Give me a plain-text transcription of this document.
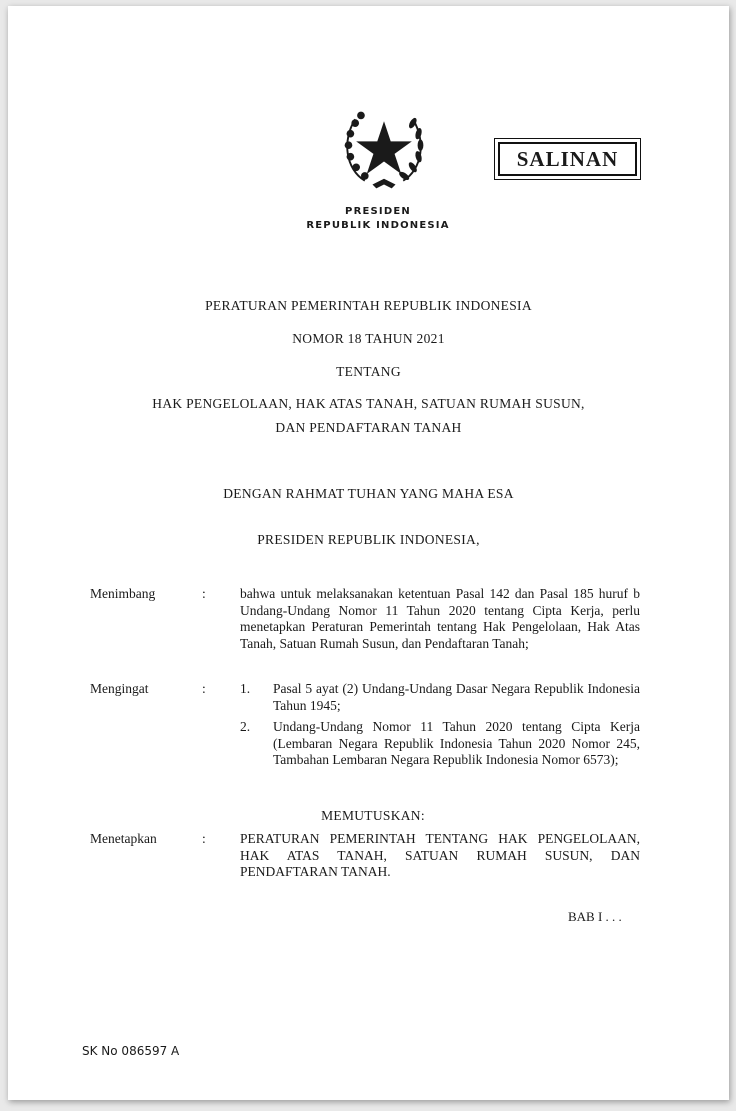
SALINAN
PRESIDEN
REPUBLIK INDONESIA
PERATURAN PEMERINTAH REPUBLIK INDONESIA
NOMOR 18 TAHUN 2021
TENTANG
HAK PENGELOLAAN, HAK ATAS TANAH, SATUAN RUMAH SUSUN,
DAN PENDAFTARAN TANAH
DENGAN RAHMAT TUHAN YANG MAHA ESA
PRESIDEN REPUBLIK INDONESIA,
Menimbang	:	bahwa untuk melaksanakan ketentuan Pasal 142 dan Pasal 185 huruf b Undang-Undang Nomor 11 Tahun 2020 tentang Cipta Kerja, perlu menetapkan Peraturan Pemerintah tentang Hak Pengelolaan, Hak Atas Tanah, Satuan Rumah Susun, dan Pendaftaran Tanah;
Mengingat	:	1. Pasal 5 ayat (2) Undang-Undang Dasar Negara Republik Indonesia Tahun 1945;
2. Undang-Undang Nomor 11 Tahun 2020 tentang Cipta Kerja (Lembaran Negara Republik Indonesia Tahun 2020 Nomor 245, Tambahan Lembaran Negara Republik Indonesia Nomor 6573);
MEMUTUSKAN:
Menetapkan	:	PERATURAN PEMERINTAH TENTANG HAK PENGELOLAAN, HAK ATAS TANAH, SATUAN RUMAH SUSUN, DAN PENDAFTARAN TANAH.
BAB I . . .
SK No 086597 A
